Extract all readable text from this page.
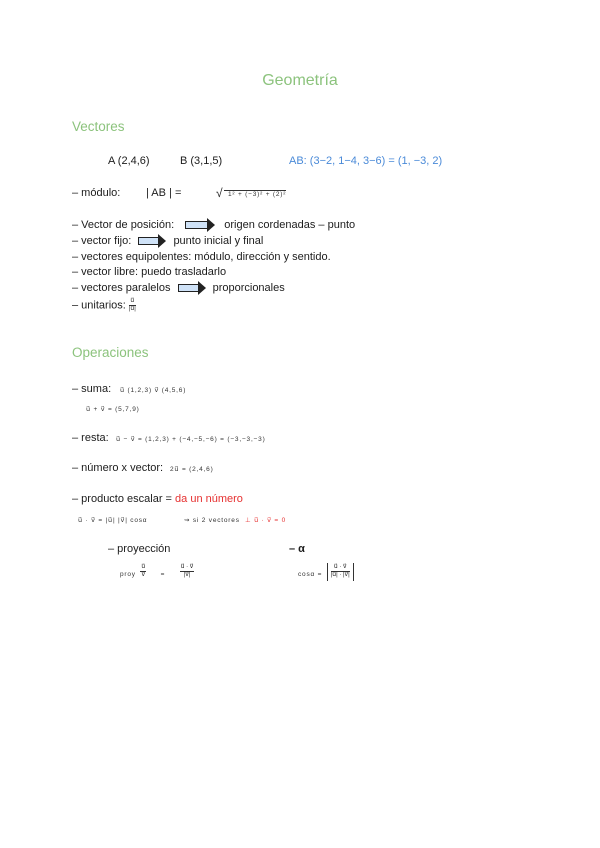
Geometría
Vectores
A (2,4,6)	B (3,1,5)	AB: (3−2, 1−4, 3−6) = (1, −3, 2)
– módulo: | AB | =	√ 1² + (−3)² + (2)²
– Vector de posición:	origen cordenadas – punto
– vector fijo:	punto inicial y final
– vectores equipolentes: módulo, dirección y sentido.
– vector libre: puedo trasladarlo
– vectores paralelos	proporcionales
– unitarios: $\frac{u⃗}{|u⃗|}$
Operaciones
– suma: u⃗ (1,2,3) v⃗ (4,5,6)
u⃗ + v⃗ = (5,7,9)
– resta: u⃗ − v⃗ = (1,2,3) + (−4,−5,−6) = (−3,−3,−3)
– número x vector: 2u⃗ = (2,4,6)
– producto escalar = da un número
u⃗ · v⃗ = |u⃗| |v⃗| cosα	⇝ si 2 vectores ⊥ u⃗ · v⃗ = 0
– proyección	– α
proy $\frac{u⃗}{v⃗} = \frac{u⃗ \cdot v⃗}{|v⃗|}$	$\cos\alpha = \frac{u⃗ \cdot v⃗}{|u⃗| \cdot |v⃗|}$
